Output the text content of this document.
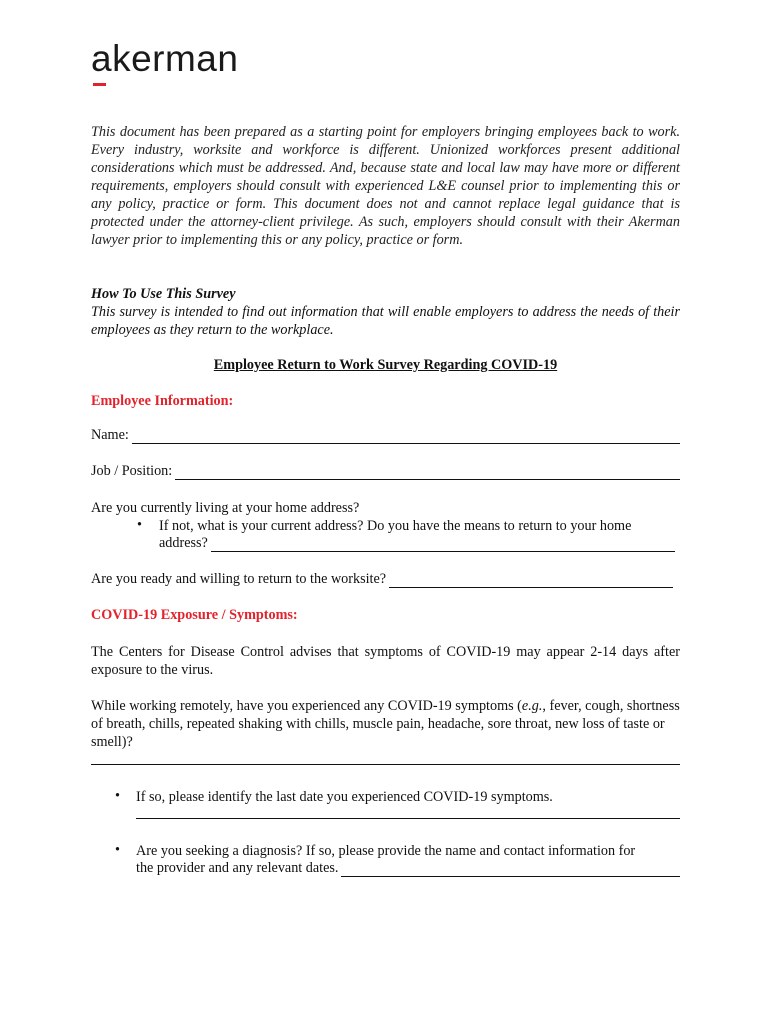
akerman
This document has been prepared as a starting point for employers bringing employees back to work. Every industry, worksite and workforce is different. Unionized workforces present additional considerations which must be addressed. And, because state and local law may have more or different requirements, employers should consult with experienced L&E counsel prior to implementing this or any policy, practice or form. This document does not and cannot replace legal guidance that is protected under the attorney-client privilege. As such, employers should consult with their Akerman lawyer prior to implementing this or any policy, practice or form.
How To Use This Survey
This survey is intended to find out information that will enable employers to address the needs of their employees as they return to the workplace.
Employee Return to Work Survey Regarding COVID-19
Employee Information:
Name:
Job / Position:
Are you currently living at your home address?
• If not, what is your current address? Do you have the means to return to your home
address?
Are you ready and willing to return to the worksite?
COVID-19 Exposure / Symptoms:
The Centers for Disease Control advises that symptoms of COVID-19 may appear 2-14 days after exposure to the virus.
While working remotely, have you experienced any COVID-19 symptoms (e.g., fever, cough, shortness of breath, chills, repeated shaking with chills, muscle pain, headache, sore throat, new loss of taste or smell)?
• If so, please identify the last date you experienced COVID-19 symptoms.
• Are you seeking a diagnosis? If so, please provide the name and contact information for
the provider and any relevant dates.
